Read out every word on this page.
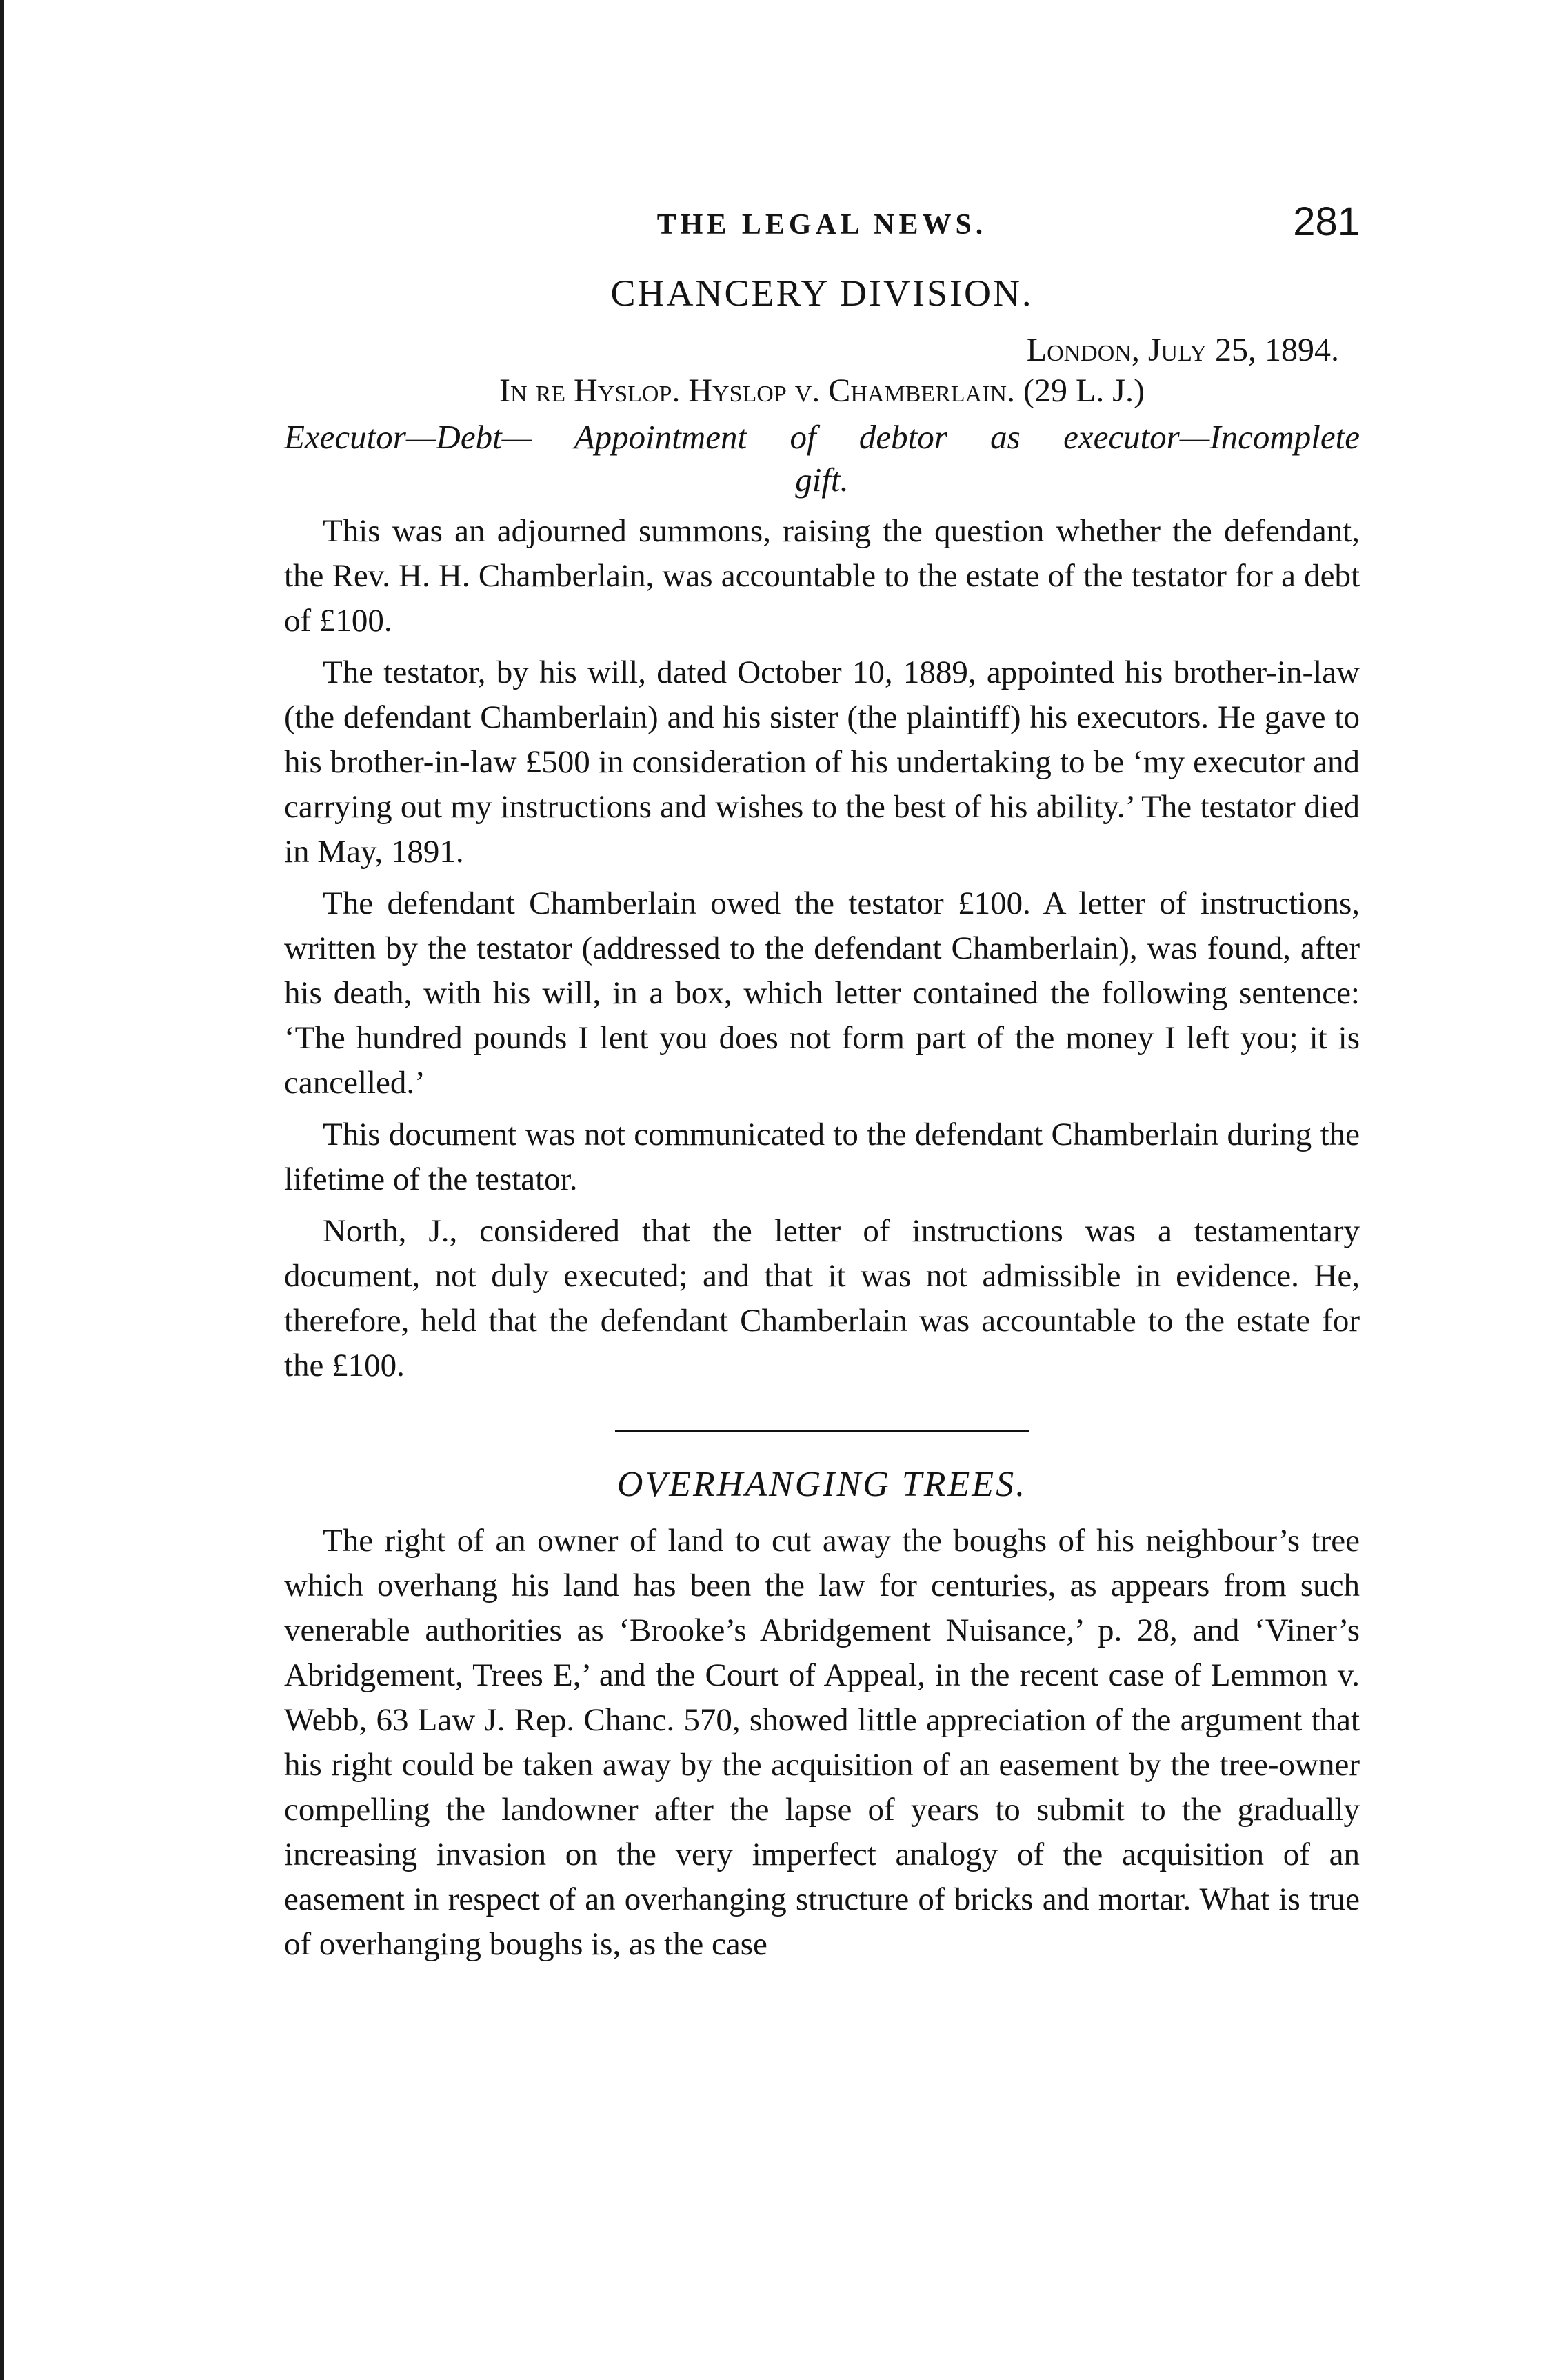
THE LEGAL NEWS.	281
CHANCERY DIVISION.
London, July 25, 1894.
In re Hyslop. Hyslop v. Chamberlain. (29 L. J.)
Executor—Debt— Appointment of debtor as executor—Incomplete
gift.

This was an adjourned summons, raising the question whether the defendant, the Rev. H. H. Chamberlain, was accountable to the estate of the testator for a debt of £100.

The testator, by his will, dated October 10, 1889, appointed his brother-in-law (the defendant Chamberlain) and his sister (the plaintiff) his executors. He gave to his brother-in-law £500 in consideration of his undertaking to be ‘my executor and carrying out my instructions and wishes to the best of his ability.’ The testator died in May, 1891.

The defendant Chamberlain owed the testator £100. A letter of instructions, written by the testator (addressed to the defendant Chamberlain), was found, after his death, with his will, in a box, which letter contained the following sentence: ‘The hundred pounds I lent you does not form part of the money I left you; it is cancelled.’

This document was not communicated to the defendant Chamberlain during the lifetime of the testator.

North, J., considered that the letter of instructions was a testamentary document, not duly executed; and that it was not admissible in evidence. He, therefore, held that the defendant Chamberlain was accountable to the estate for the £100.

OVERHANGING TREES.

The right of an owner of land to cut away the boughs of his neighbour’s tree which overhang his land has been the law for centuries, as appears from such venerable authorities as ‘Brooke’s Abridgement Nuisance,’ p. 28, and ‘Viner’s Abridgement, Trees E,’ and the Court of Appeal, in the recent case of Lemmon v. Webb, 63 Law J. Rep. Chanc. 570, showed little appreciation of the argument that his right could be taken away by the acquisition of an easement by the tree-owner compelling the landowner after the lapse of years to submit to the gradually increasing invasion on the very imperfect analogy of the acquisition of an easement in respect of an overhanging structure of bricks and mortar. What is true of overhanging boughs is, as the case
